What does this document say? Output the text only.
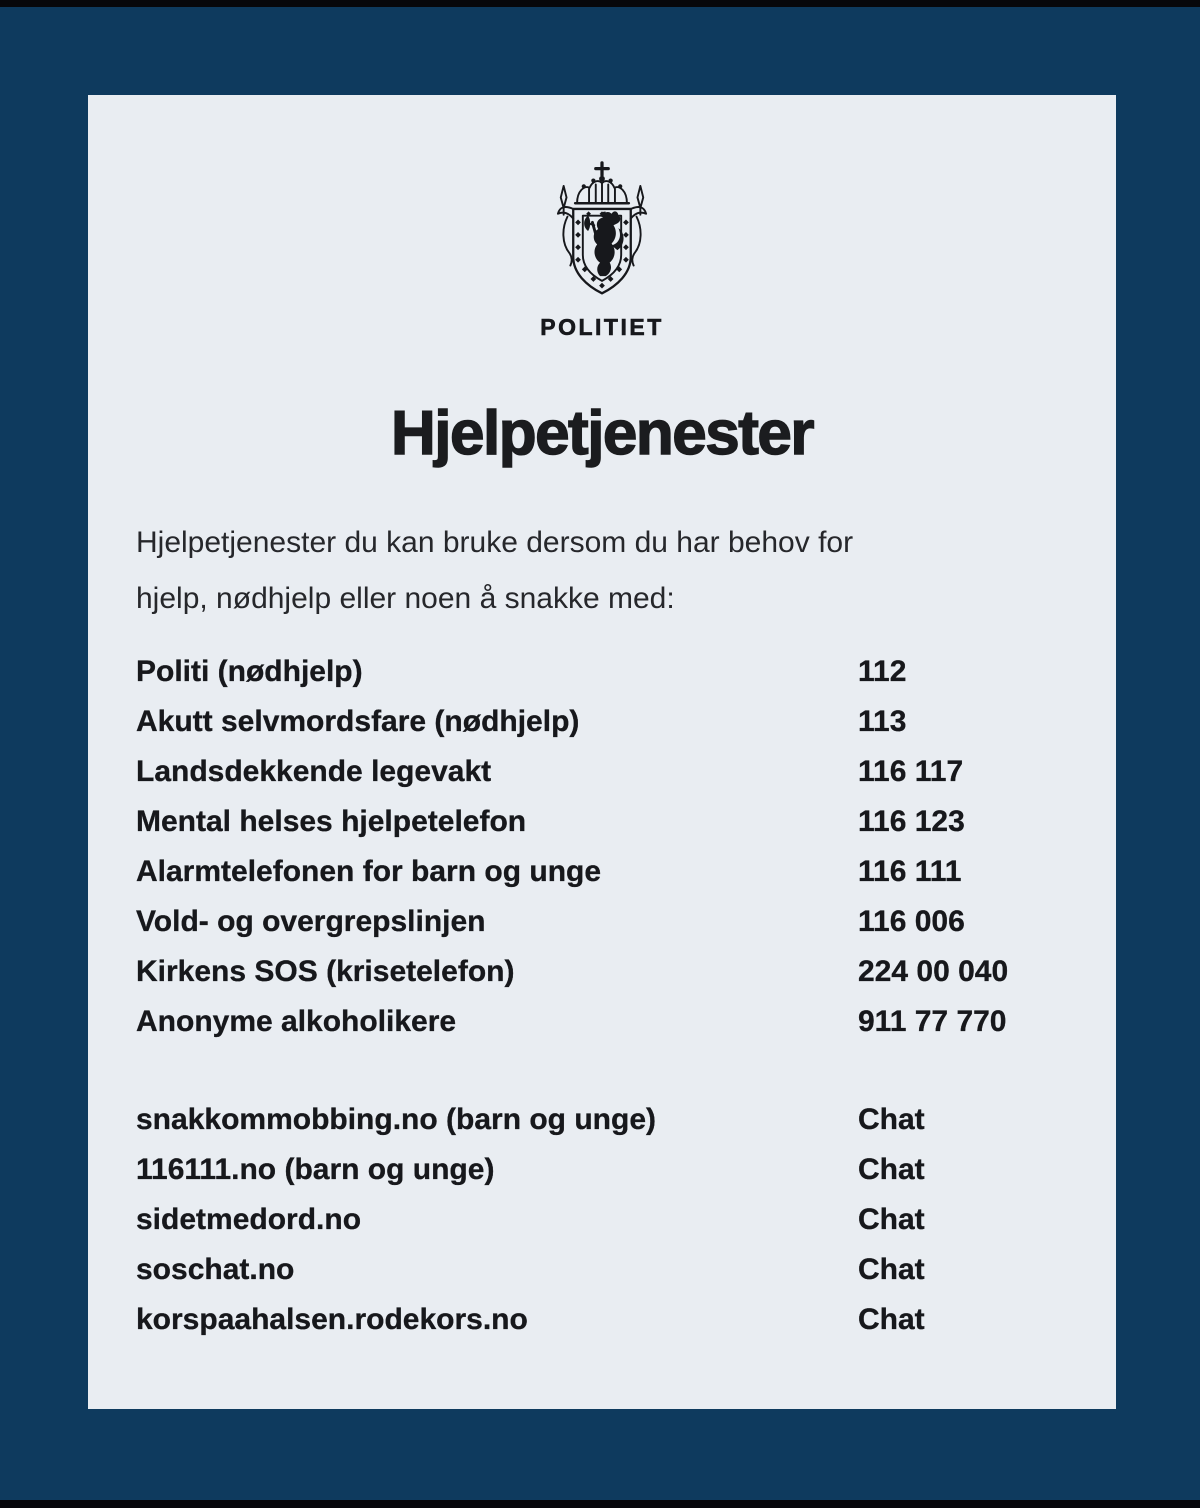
POLITIET
Hjelpetjenester
Hjelpetjenester du kan bruke dersom du har behov for
hjelp, nødhjelp eller noen å snakke med:
Politi (nødhjelp)	112
Akutt selvmordsfare (nødhjelp)	113
Landsdekkende legevakt	116 117
Mental helses hjelpetelefon	116 123
Alarmtelefonen for barn og unge	116 111
Vold- og overgrepslinjen	116 006
Kirkens SOS (krisetelefon)	224 00 040
Anonyme alkoholikere	911 77 770
snakkommobbing.no (barn og unge)	Chat
116111.no (barn og unge)	Chat
sidetmedord.no	Chat
soschat.no	Chat
korspaahalsen.rodekors.no	Chat
